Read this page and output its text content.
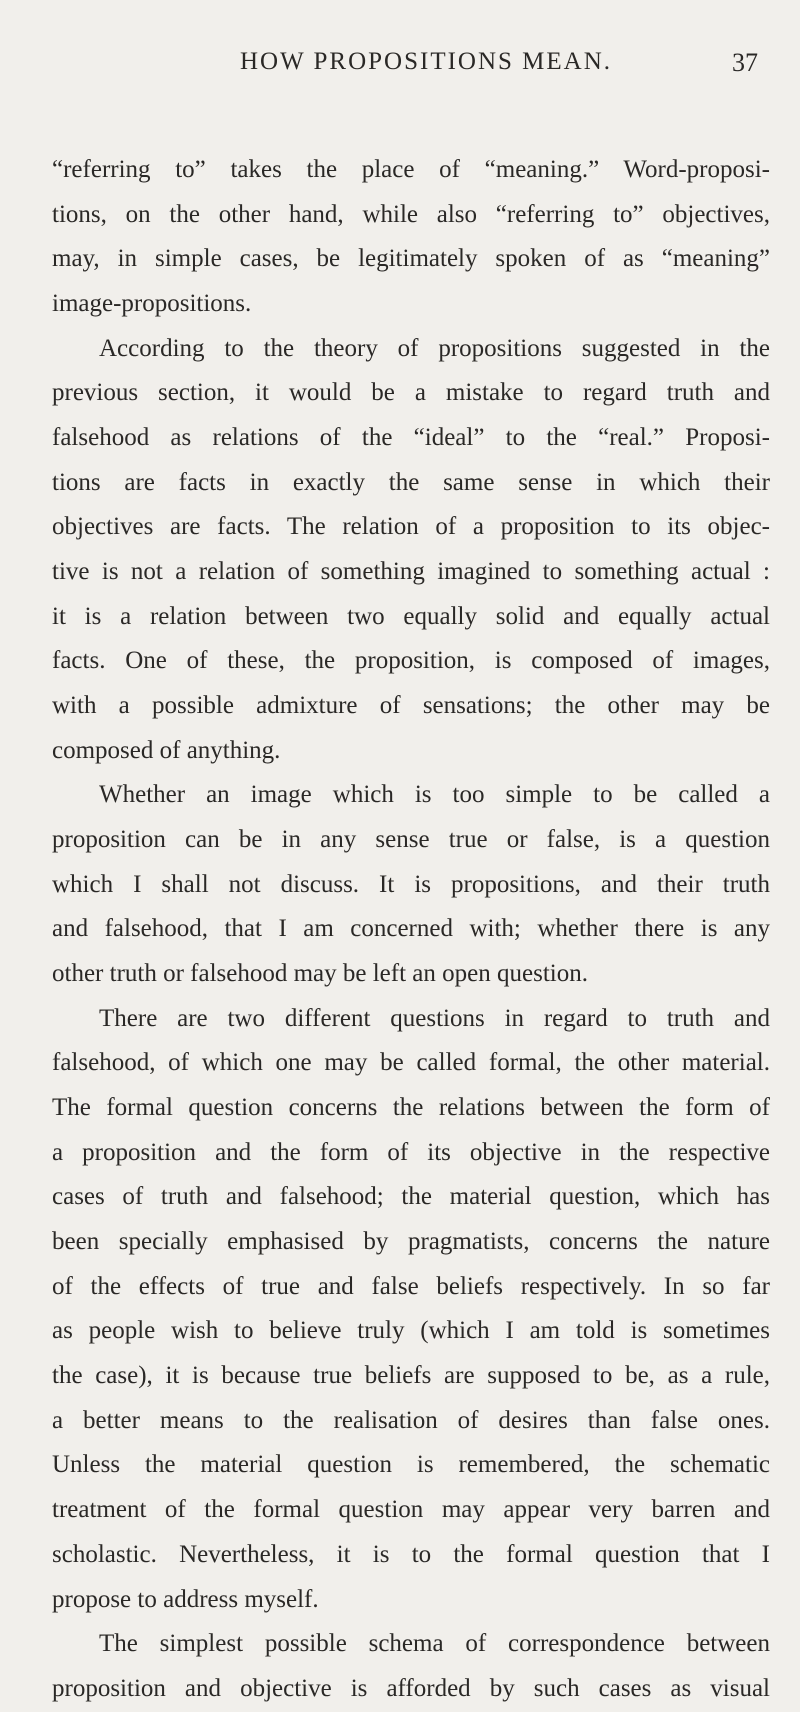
HOW PROPOSITIONS MEAN.	37
“referring to” takes the place of “meaning.” Word-proposi-
tions, on the other hand, while also “referring to” objectives,
may, in simple cases, be legitimately spoken of as “meaning”
image-propositions.
According to the theory of propositions suggested in the
previous section, it would be a mistake to regard truth and
falsehood as relations of the “ideal” to the “real.” Proposi-
tions are facts in exactly the same sense in which their
objectives are facts. The relation of a proposition to its objec-
tive is not a relation of something imagined to something actual :
it is a relation between two equally solid and equally actual
facts. One of these, the proposition, is composed of images,
with a possible admixture of sensations; the other may be
composed of anything.
Whether an image which is too simple to be called a
proposition can be in any sense true or false, is a question
which I shall not discuss. It is propositions, and their truth
and falsehood, that I am concerned with; whether there is any
other truth or falsehood may be left an open question.
There are two different questions in regard to truth and
falsehood, of which one may be called formal, the other material.
The formal question concerns the relations between the form of
a proposition and the form of its objective in the respective
cases of truth and falsehood; the material question, which has
been specially emphasised by pragmatists, concerns the nature
of the effects of true and false beliefs respectively. In so far
as people wish to believe truly (which I am told is sometimes
the case), it is because true beliefs are supposed to be, as a rule,
a better means to the realisation of desires than false ones.
Unless the material question is remembered, the schematic
treatment of the formal question may appear very barren and
scholastic. Nevertheless, it is to the formal question that I
propose to address myself.
The simplest possible schema of correspondence between
proposition and objective is afforded by such cases as visual
